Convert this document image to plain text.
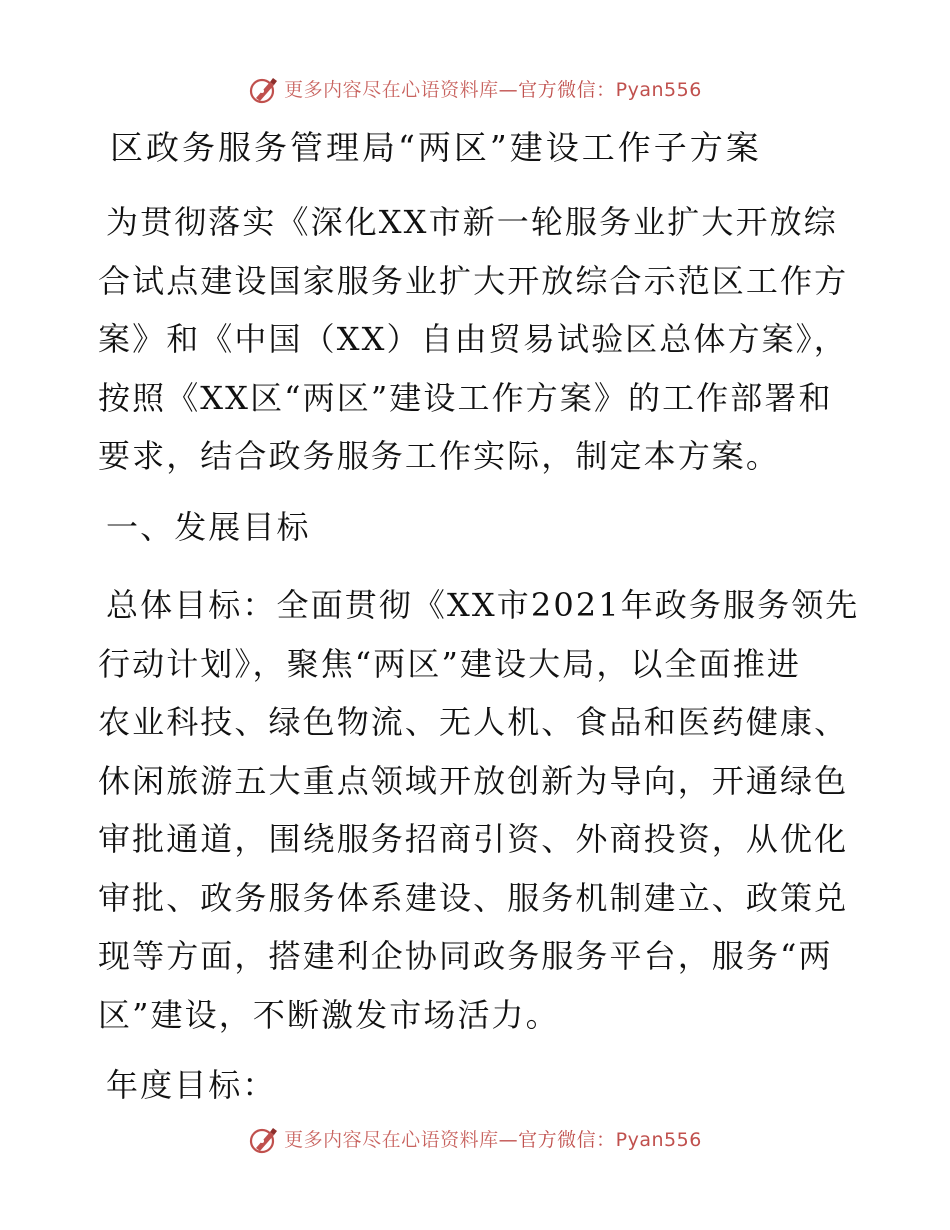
更多内容尽在心语资料库 —官方微信：Pyan556
区政务服务管理局“两区”建设工作子方案
为贯彻落实《深化XX市新一轮服务业扩大开放综
合试点建设国家服务业扩大开放综合示范区工作方
案》和《中国（XX）自由贸易试验区总体方案》，
按照《XX区“两区”建设工作方案》的工作部署和
要求，结合政务服务工作实际，制定本方案。
一、发展目标
总体目标：全面贯彻《XX市2021年政务服务领先
行动计划》，聚焦“两区”建设大局，以全面推进
农业科技、绿色物流、无人机、食品和医药健康、
休闲旅游五大重点领域开放创新为导向，开通绿色
审批通道，围绕服务招商引资、外商投资，从优化
审批、政务服务体系建设、服务机制建立、政策兑
现等方面，搭建利企协同政务服务平台，服务“两
区”建设，不断激发市场活力。
年度目标：
更多内容尽在心语资料库 —官方微信：Pyan556
